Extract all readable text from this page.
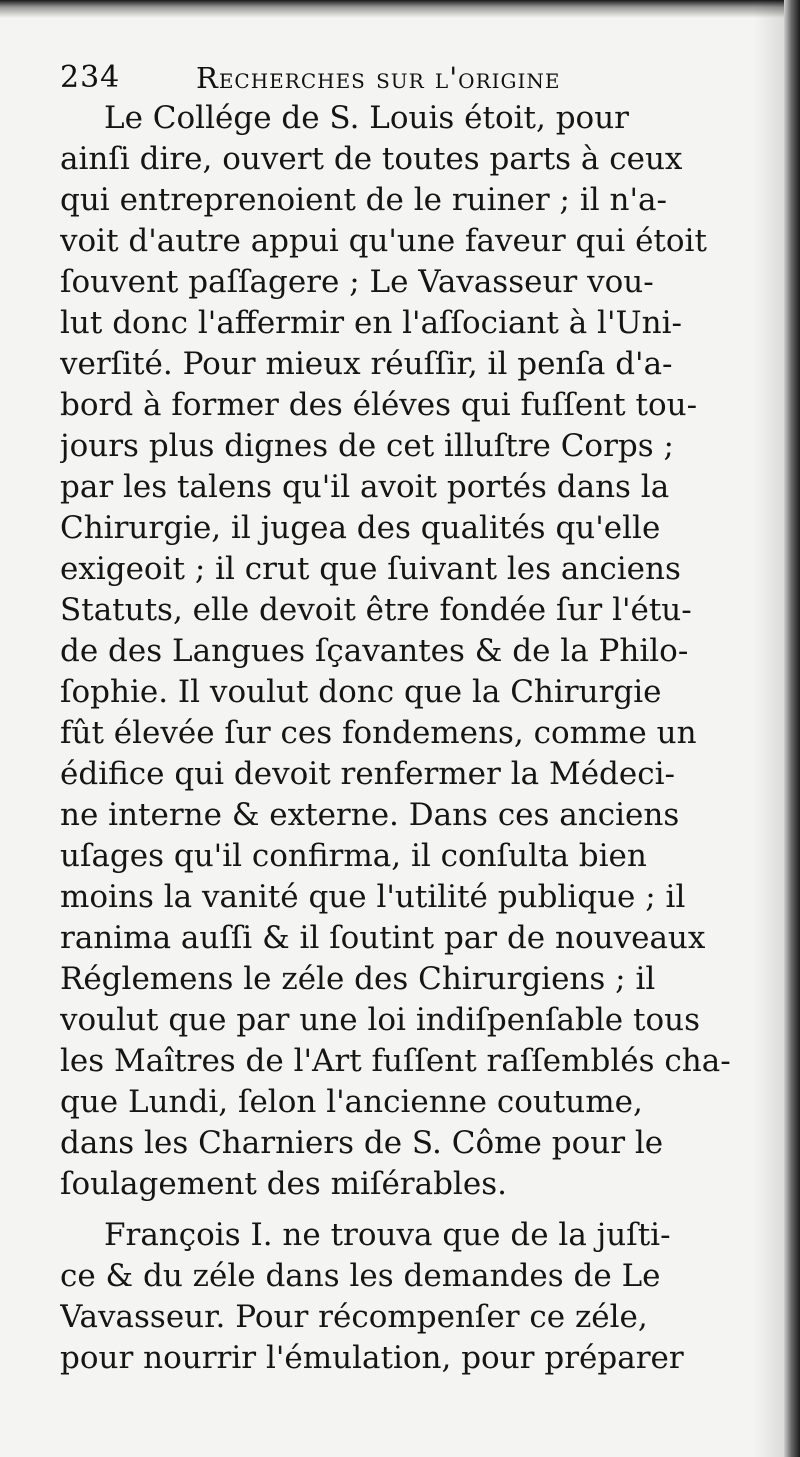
234	Recherches sur l'origine
Le Collége de S. Louis étoit, pour
ainſi dire, ouvert de toutes parts à ceux
qui entreprenoient de le ruiner ; il n'a-
voit d'autre appui qu'une faveur qui étoit
ſouvent paſſagere ; Le Vavasseur vou-
lut donc l'affermir en l'aſſociant à l'Uni-
verſité. Pour mieux réuſſir, il penſa d'a-
bord à former des éléves qui fuſſent tou-
jours plus dignes de cet illuſtre Corps ;
par les talens qu'il avoit portés dans la
Chirurgie, il jugea des qualités qu'elle
exigeoit ; il crut que ſuivant les anciens
Statuts, elle devoit être fondée ſur l'étu-
de des Langues ſçavantes & de la Philo-
ſophie. Il voulut donc que la Chirurgie
fût élevée ſur ces fondemens, comme un
édifice qui devoit renfermer la Médeci-
ne interne & externe. Dans ces anciens
uſages qu'il confirma, il conſulta bien
moins la vanité que l'utilité publique ; il
ranima auſſi & il ſoutint par de nouveaux
Réglemens le zéle des Chirurgiens ; il
voulut que par une loi indiſpenſable tous
les Maîtres de l'Art fuſſent raſſemblés cha-
que Lundi, ſelon l'ancienne coutume,
dans les Charniers de S. Côme pour le
ſoulagement des miſérables.
François I. ne trouva que de la juſti-
ce & du zéle dans les demandes de Le
Vavasseur. Pour récompenſer ce zéle,
pour nourrir l'émulation, pour préparer
